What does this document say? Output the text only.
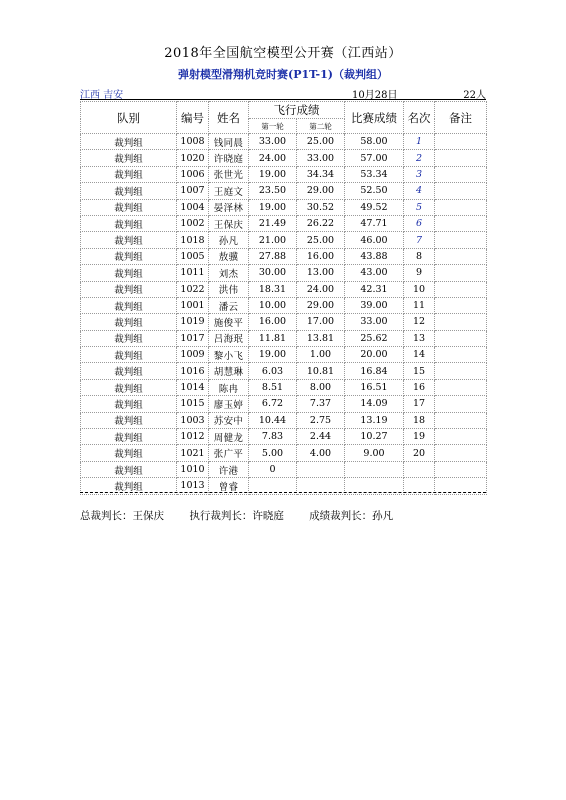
2018年全国航空模型公开赛（江西站）
弹射模型滑翔机竞时赛(P1T-1)（裁判组）
江西 吉安	10月28日	22人
队别	编号	姓名	飞行成绩		比赛成绩	名次	备注
			第一轮	第二轮			
裁判组	1008	钱同晨	33.00	25.00	58.00	1	
裁判组	1020	许晓庭	24.00	33.00	57.00	2	
裁判组	1006	张世光	19.00	34.34	53.34	3	
裁判组	1007	王庭文	23.50	29.00	52.50	4	
裁判组	1004	晏泽林	19.00	30.52	49.52	5	
裁判组	1002	王保庆	21.49	26.22	47.71	6	
裁判组	1018	孙凡	21.00	25.00	46.00	7	
裁判组	1005	敖骥	27.88	16.00	43.88	8	
裁判组	1011	刘杰	30.00	13.00	43.00	9	
裁判组	1022	洪伟	18.31	24.00	42.31	10	
裁判组	1001	潘云	10.00	29.00	39.00	11	
裁判组	1019	施俊平	16.00	17.00	33.00	12	
裁判组	1017	吕海珉	11.81	13.81	25.62	13	
裁判组	1009	黎小飞	19.00	1.00	20.00	14	
裁判组	1016	胡慧琳	6.03	10.81	16.84	15	
裁判组	1014	陈冉	8.51	8.00	16.51	16	
裁判组	1015	廖玉婷	6.72	7.37	14.09	17	
裁判组	1003	苏安中	10.44	2.75	13.19	18	
裁判组	1012	周健龙	7.83	2.44	10.27	19	
裁判组	1021	张广平	5.00	4.00	9.00	20	
裁判组	1010	许港	0				
裁判组	1013	曾睿					
总裁判长：王保庆 执行裁判长：许晓庭 成绩裁判长：孙凡
